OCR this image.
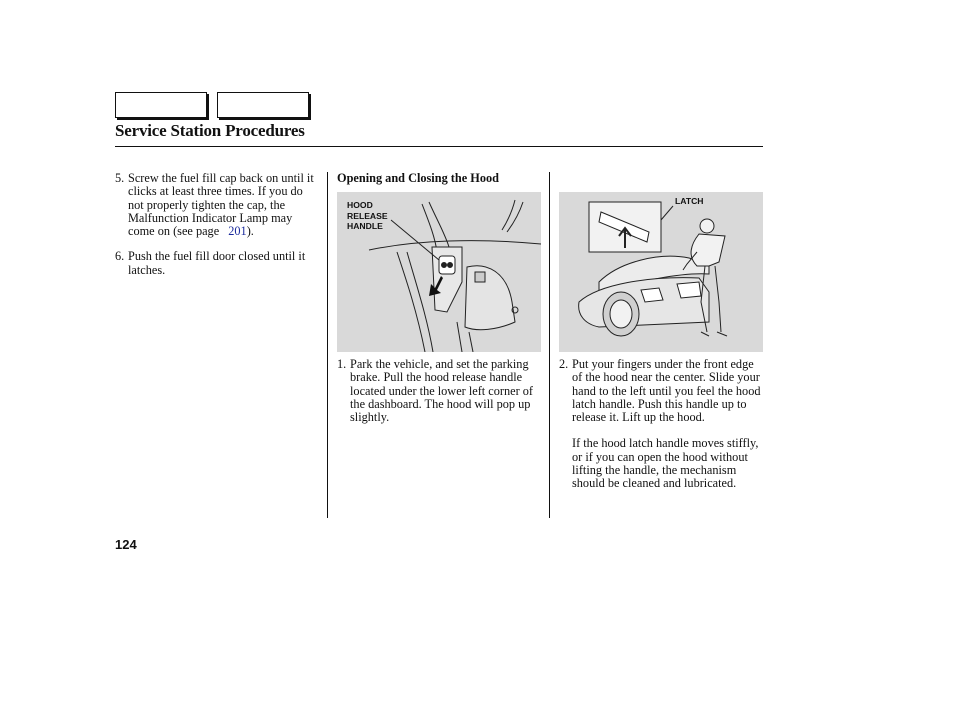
Service Station Procedures
5. Screw the fuel fill cap back on until it clicks at least three times. If you do not properly tighten the cap, the Malfunction Indicator Lamp may come on (see page 201).
6. Push the fuel fill door closed until it latches.
Opening and Closing the Hood
HOOD
RELEASE
HANDLE
1. Park the vehicle, and set the parking brake. Pull the hood release handle located under the lower left corner of the dashboard. The hood will pop up slightly.
LATCH
2. Put your fingers under the front edge of the hood near the center. Slide your hand to the left until you feel the hood latch handle. Push this handle up to release it. Lift up the hood.
If the hood latch handle moves stiffly, or if you can open the hood without lifting the handle, the mechanism should be cleaned and lubricated.
124
